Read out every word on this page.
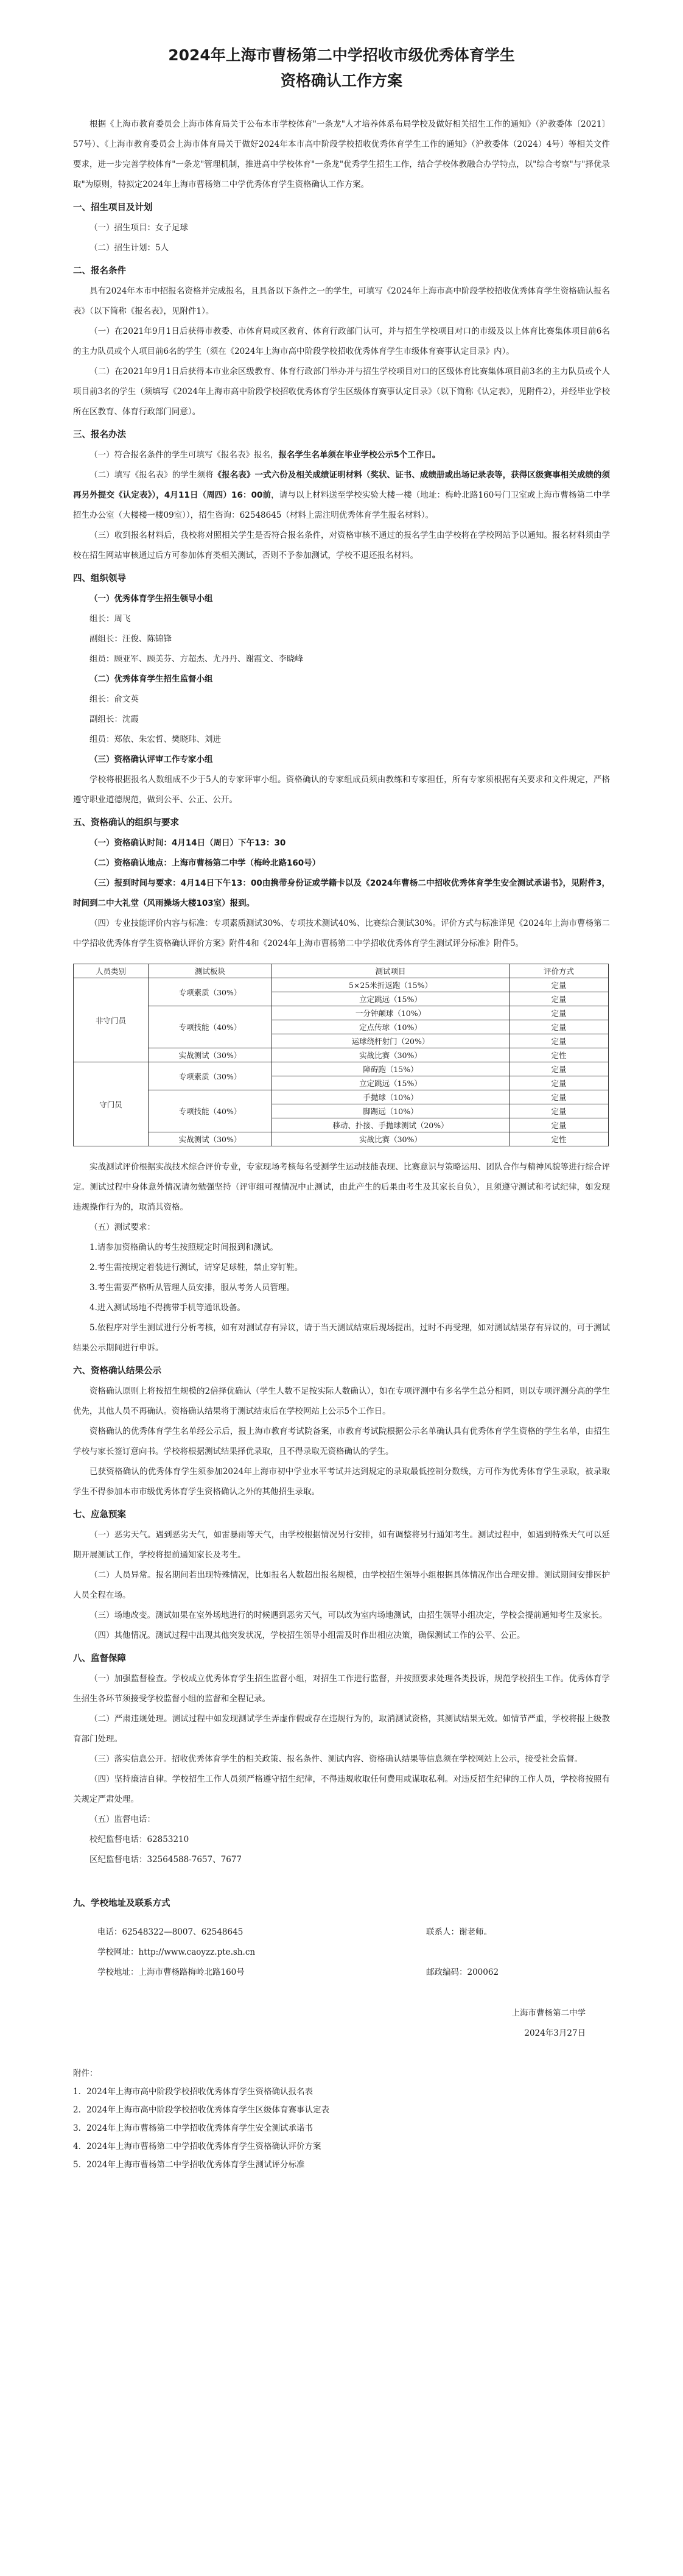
2024年上海市曹杨第二中学招收市级优秀体育学生
资格确认工作方案

根据《上海市教育委员会上海市体育局关于公布本市学校体育"一条龙"人才培养体系布局学校及做好相关招生工作的通知》（沪教委体〔2021〕57号）、《上海市教育委员会上海市体育局关于做好2024年本市高中阶段学校招收优秀体育学生工作的通知》（沪教委体（2024）4号）等相关文件要求，进一步完善学校体育"一条龙"管理机制，推进高中学校体育"一条龙"优秀学生招生工作，结合学校体教融合办学特点，以"综合考察"与"择优录取"为原则，特拟定2024年上海市曹杨第二中学优秀体育学生资格确认工作方案。

一、招生项目及计划

（一）招生项目：女子足球

（二）招生计划：5人

二、报名条件

具有2024年本市中招报名资格并完成报名，且具备以下条件之一的学生，可填写《2024年上海市高中阶段学校招收优秀体育学生资格确认报名表》（以下简称《报名表》，见附件1）。

（一）在2021年9月1日后获得市教委、市体育局或区教育、体育行政部门认可，并与招生学校项目对口的市级及以上体育比赛集体项目前6名的主力队员或个人项目前6名的学生（须在《2024年上海市高中阶段学校招收优秀体育学生市级体育赛事认定目录》内）。

（二）在2021年9月1日后获得本市业余区级教育、体育行政部门举办并与招生学校项目对口的区级体育比赛集体项目前3名的主力队员或个人项目前3名的学生（须填写《2024年上海市高中阶段学校招收优秀体育学生区级体育赛事认定目录》（以下简称《认定表》，见附件2），并经毕业学校所在区教育、体育行政部门同意）。

三、报名办法

（一）符合报名条件的学生可填写《报名表》报名，报名学生名单须在毕业学校公示5个工作日。

（二）填写《报名表》的学生须将《报名表》一式六份及相关成绩证明材料（奖状、证书、成绩册或出场记录表等，获得区级赛事相关成绩的须再另外提交《认定表》），4月11日（周四）16：00前，请与以上材料送至学校实验大楼一楼（地址：梅岭北路160号门卫室或上海市曹杨第二中学招生办公室（大楼楼一楼09室）），招生咨询：62548645（材料上需注明优秀体育学生报名材料）。

（三）收到报名材料后，我校将对照相关学生是否符合报名条件，对资格审核不通过的报名学生由学校将在学校网站予以通知。报名材料须由学校在招生网站审核通过后方可参加体育类相关测试，否则不予参加测试，学校不退还报名材料。

四、组织领导

（一）优秀体育学生招生领导小组

组长：周飞

副组长：汪俊、陈锦锋

组员：顾亚军、顾美芬、方超杰、尤丹丹、谢霞文、李晓峰

（二）优秀体育学生招生监督小组

组长：俞文英

副组长：沈霞

组员：郑依、朱宏哲、樊晓玮、刘进

（三）资格确认评审工作专家小组

学校将根据报名人数组成不少于5人的专家评审小组。资格确认的专家组成员须由教练和专家担任，所有专家须根据有关要求和文件规定，严格遵守职业道德规范，做到公平、公正、公开。

五、资格确认的组织与要求

（一）资格确认时间：4月14日（周日）下午13：30

（二）资格确认地点：上海市曹杨第二中学（梅岭北路160号）

（三）报到时间与要求：4月14日下午13：00由携带身份证或学籍卡以及《2024年曹杨二中招收优秀体育学生安全测试承诺书》，见附件3，时间到二中大礼堂（风雨操场大楼103室）报到。

（四）专业技能评价内容与标准：专项素质测试30%、专项技术测试40%、比赛综合测试30%。评价方式与标准详见《2024年上海市曹杨第二中学招收优秀体育学生资格确认评价方案》附件4和《2024年上海市曹杨第二中学招收优秀体育学生测试评分标准》附件5。

人员类别	测试板块	测试项目	评价方式
非守门员	专项素质（30%）	5×25米折返跑（15%）	定量
		立定跳远（15%）	定量
	专项技能（40%）	一分钟颠球（10%）	定量
		定点传球（10%）	定量
		运球绕杆射门（20%）	定量
	实战测试（30%）	实战比赛（30%）	定性
守门员	专项素质（30%）	障碍跑（15%）	定量
		立定跳远（15%）	定量
	专项技能（40%）	手抛球（10%）	定量
		脚踢远（10%）	定量
		移动、扑接、手抛球测试（20%）	定量
	实战测试（30%）	实战比赛（30%）	定性

实战测试评价根据实战技术综合评价专业，专家现场考核每名受测学生运动技能表现、比赛意识与策略运用、团队合作与精神风貌等进行综合评定。测试过程中身体意外情况请勿勉强坚持（评审组可视情况中止测试，由此产生的后果由考生及其家长自负），且须遵守测试和考试纪律，如发现违规操作行为的，取消其资格。

（五）测试要求：

1.请参加资格确认的考生按照规定时间报到和测试。

2.考生需按规定着装进行测试，请穿足球鞋，禁止穿钉鞋。

3.考生需要严格听从管理人员安排，服从考务人员管理。

4.进入测试场地不得携带手机等通讯设备。

5.依程序对学生测试进行分析考核，如有对测试存有异议，请于当天测试结束后现场提出，过时不再受理，如对测试结果存有异议的，可于测试结果公示期间进行申诉。

六、资格确认结果公示

资格确认原则上将按招生规模的2倍择优确认（学生人数不足按实际人数确认），如在专项评测中有多名学生总分相同，则以专项评测分高的学生优先，其他人员不再确认。资格确认结果将于测试结束后在学校网站上公示5个工作日。

资格确认的优秀体育学生名单经公示后，报上海市教育考试院备案，市教育考试院根据公示名单确认具有优秀体育学生资格的学生名单，由招生学校与家长签订意向书。学校将根据测试结果择优录取，且不得录取无资格确认的学生。

已获资格确认的优秀体育学生须参加2024年上海市初中学业水平考试并达到规定的录取最低控制分数线，方可作为优秀体育学生录取，被录取学生不得参加本市市级优秀体育学生资格确认之外的其他招生录取。

七、应急预案

（一）恶劣天气。遇到恶劣天气，如雷暴雨等天气，由学校根据情况另行安排，如有调整将另行通知考生。测试过程中，如遇到特殊天气可以延期开展测试工作，学校将提前通知家长及考生。

（二）人员异常。报名期间若出现特殊情况，比如报名人数超出报名规模，由学校招生领导小组根据具体情况作出合理安排。测试期间安排医护人员全程在场。

（三）场地改变。测试如果在室外场地进行的时候遇到恶劣天气，可以改为室内场地测试，由招生领导小组决定，学校会提前通知考生及家长。

（四）其他情况。测试过程中出现其他突发状况，学校招生领导小组需及时作出相应决策，确保测试工作的公平、公正。

八、监督保障

（一）加强监督检查。学校成立优秀体育学生招生监督小组，对招生工作进行监督，并按照要求处理各类投诉，规范学校招生工作。优秀体育学生招生各环节须接受学校监督小组的监督和全程记录。

（二）严肃违规处理。测试过程中如发现测试学生弄虚作假或存在违规行为的，取消测试资格，其测试结果无效。如情节严重，学校将报上级教育部门处理。

（三）落实信息公开。招收优秀体育学生的相关政策、报名条件、测试内容、资格确认结果等信息须在学校网站上公示，接受社会监督。

（四）坚持廉洁自律。学校招生工作人员须严格遵守招生纪律，不得违规收取任何费用或谋取私利。对违反招生纪律的工作人员，学校将按照有关规定严肃处理。

（五）监督电话：

校纪监督电话：62853210

区纪监督电话：32564588-7657、7677

九、学校地址及联系方式
电话：62548322—8007、62548645	联系人：谢老师。
学校网址：http://www.caoyzz.pte.sh.cn
学校地址：上海市曹杨路梅岭北路160号	邮政编码：200062
上海市曹杨第二中学
2024年3月27日
附件：
1．2024年上海市高中阶段学校招收优秀体育学生资格确认报名表
2．2024年上海市高中阶段学校招收优秀体育学生区级体育赛事认定表
3．2024年上海市曹杨第二中学招收优秀体育学生安全测试承诺书
4．2024年上海市曹杨第二中学招收优秀体育学生资格确认评价方案
5．2024年上海市曹杨第二中学招收优秀体育学生测试评分标准
